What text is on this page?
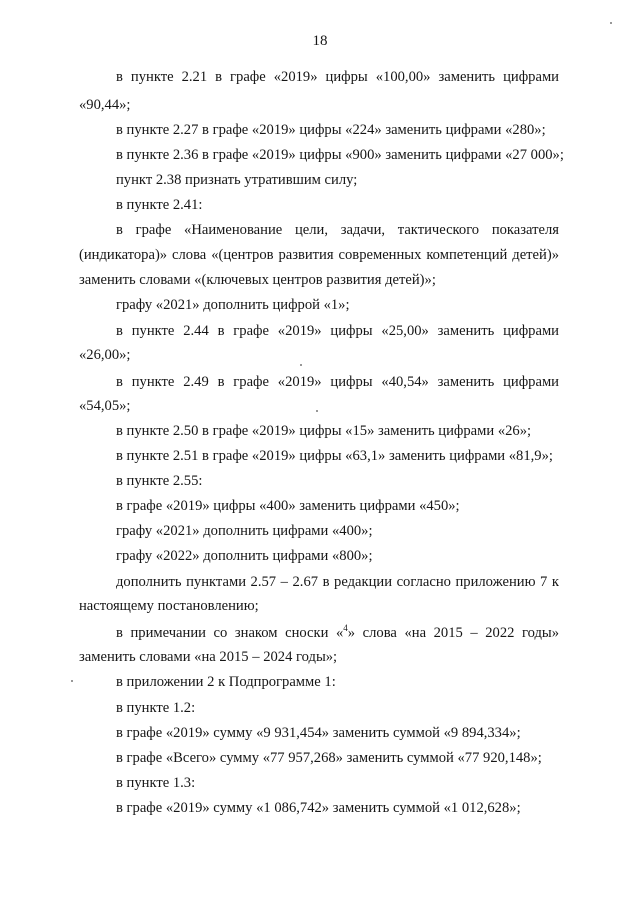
18
в пункте 2.21 в графе «2019» цифры «100,00» заменить цифрами
«90,44»;
в пункте 2.27 в графе «2019» цифры «224» заменить цифрами «280»;
в пункте 2.36 в графе «2019» цифры «900» заменить цифрами «27 000»;
пункт 2.38 признать утратившим силу;
в пункте 2.41:
в графе «Наименование цели, задачи, тактического показателя
(индикатора)» слова «(центров развития современных компетенций детей)»
заменить словами «(ключевых центров развития детей)»;
графу «2021» дополнить цифрой «1»;
в пункте 2.44 в графе «2019» цифры «25,00» заменить цифрами
«26,00»;
в пункте 2.49 в графе «2019» цифры «40,54» заменить цифрами
«54,05»;
в пункте 2.50 в графе «2019» цифры «15» заменить цифрами «26»;
в пункте 2.51 в графе «2019» цифры «63,1» заменить цифрами «81,9»;
в пункте 2.55:
в графе «2019» цифры «400» заменить цифрами «450»;
графу «2021» дополнить цифрами «400»;
графу «2022» дополнить цифрами «800»;
дополнить пунктами 2.57 – 2.67 в редакции согласно приложению 7 к
настоящему постановлению;
в примечании со знаком сноски «$^4$» слова «на 2015 – 2022 годы»
заменить словами «на 2015 – 2024 годы»;
в приложении 2 к Подпрограмме 1:
в пункте 1.2:
в графе «2019» сумму «9 931,454» заменить суммой «9 894,334»;
в графе «Всего» сумму «77 957,268» заменить суммой «77 920,148»;
в пункте 1.3:
в графе «2019» сумму «1 086,742» заменить суммой «1 012,628»;
